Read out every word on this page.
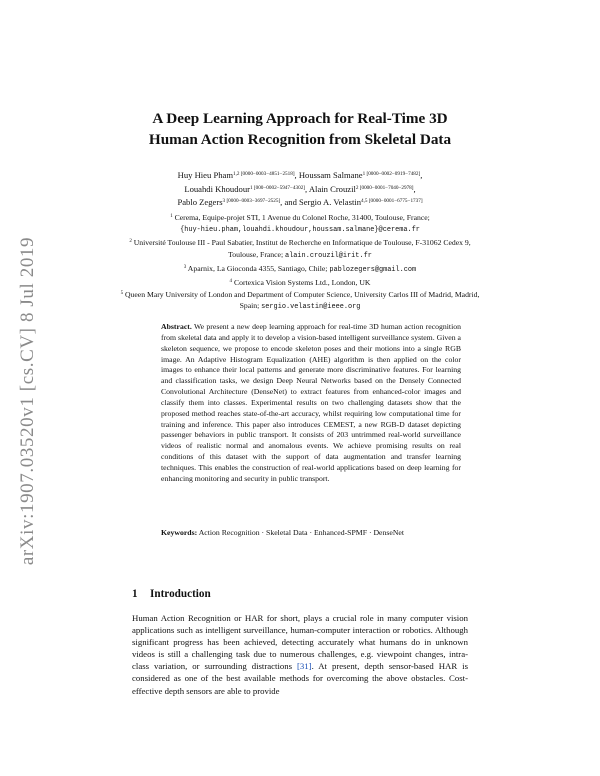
arXiv:1907.03520v1 [cs.CV] 8 Jul 2019
A Deep Learning Approach for Real-Time 3D
Human Action Recognition from Skeletal Data
Huy Hieu Pham$^{1,2 [0000-0003-4851-2518]}$, Houssam Salmane$^{1 [0000-0002-0919-7482]}$,
Louahdi Khoudour$^{1 [000-0002-5947-4302]}$, Alain Crouzil$^{2 [0000-0001-7040-2978]}$,
Pablo Zegers$^{3 [0000-0003-3697-2525]}$, and Sergio A. Velastin$^{4,5 [0000-0001-6775-1737]}$
$^1$ Cerema, Equipe-projet STI, 1 Avenue du Colonel Roche, 31400, Toulouse, France;
{huy-hieu.pham,louahdi.khoudour,houssam.salmane}@cerema.fr
$^2$ Université Toulouse III - Paul Sabatier, Institut de Recherche en Informatique de Toulouse, F-31062 Cedex 9, Toulouse, France; alain.crouzil@irit.fr
$^3$ Aparnix, La Gioconda 4355, Santiago, Chile; pablozegers@gmail.com
$^4$ Cortexica Vision Systems Ltd., London, UK
$^5$ Queen Mary University of London and Department of Computer Science, University Carlos III of Madrid, Madrid, Spain; sergio.velastin@ieee.org
Abstract. We present a new deep learning approach for real-time 3D human action recognition from skeletal data and apply it to develop a vision-based intelligent surveillance system. Given a skeleton sequence, we propose to encode skeleton poses and their motions into a single RGB image. An Adaptive Histogram Equalization (AHE) algorithm is then applied on the color images to enhance their local patterns and generate more discriminative features. For learning and classification tasks, we design Deep Neural Networks based on the Densely Connected Convolutional Architecture (DenseNet) to extract features from enhanced-color images and classify them into classes. Experimental results on two challenging datasets show that the proposed method reaches state-of-the-art accuracy, whilst requiring low computational time for training and inference. This paper also introduces CEMEST, a new RGB-D dataset depicting passenger behaviors in public transport. It consists of 203 untrimmed real-world surveillance videos of realistic normal and anomalous events. We achieve promising results on real conditions of this dataset with the support of data augmentation and transfer learning techniques. This enables the construction of real-world applications based on deep learning for enhancing monitoring and security in public transport.
Keywords: Action Recognition · Skeletal Data · Enhanced-SPMF · DenseNet
1 Introduction
Human Action Recognition or HAR for short, plays a crucial role in many computer vision applications such as intelligent surveillance, human-computer interaction or robotics. Although significant progress has been achieved, detecting accurately what humans do in unknown videos is still a challenging task due to numerous challenges, e.g. viewpoint changes, intra-class variation, or surrounding distractions [31]. At present, depth sensor-based HAR is considered as one of the best available methods for overcoming the above obstacles. Cost-effective depth sensors are able to provide
